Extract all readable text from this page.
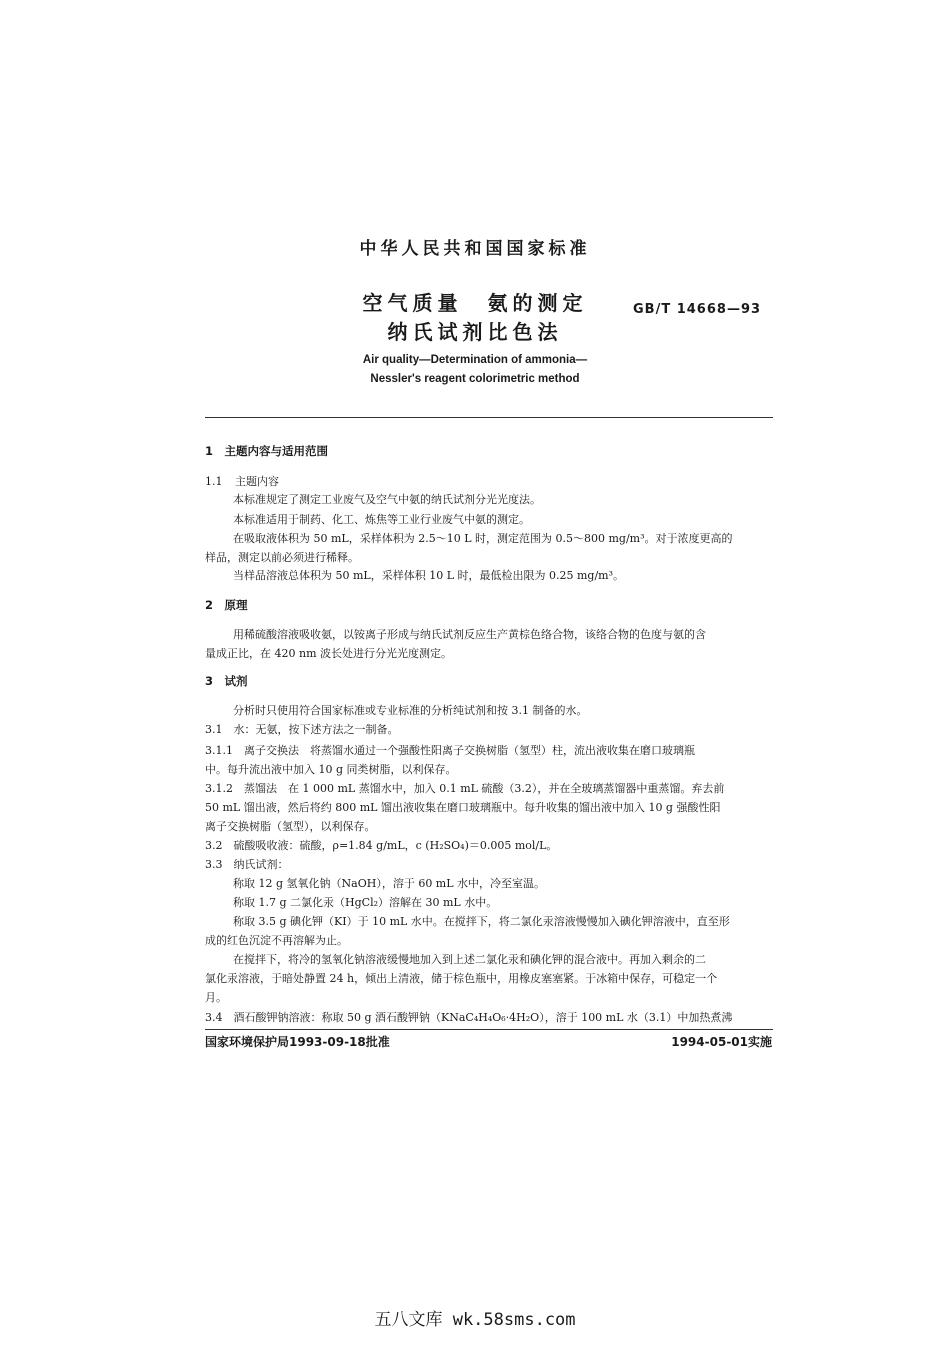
中华人民共和国国家标准
空气质量　氨的测定
纳氏试剂比色法
GB/T 14668—93
Air quality—Determination of ammonia—
Nessler's reagent colorimetric method
1　主题内容与适用范围
1.1 主题内容
本标准规定了测定工业废气及空气中氨的纳氏试剂分光光度法。
本标准适用于制药、化工、炼焦等工业行业废气中氨的测定。
在吸取液体积为 50 mL，采样体积为 2.5～10 L 时，测定范围为 0.5～800 mg/m³。对于浓度更高的
样品，测定以前必须进行稀释。
当样品溶液总体积为 50 mL，采样体积 10 L 时，最低检出限为 0.25 mg/m³。
2　原理
用稀硫酸溶液吸收氨，以铵离子形成与纳氏试剂反应生产黄棕色络合物，该络合物的色度与氨的含
量成正比，在 420 nm 波长处进行分光光度测定。
3　试剂
分析时只使用符合国家标准或专业标准的分析纯试剂和按 3.1 制备的水。
3.1　水：无氨，按下述方法之一制备。
3.1.1　离子交换法　将蒸馏水通过一个强酸性阳离子交换树脂（氢型）柱，流出液收集在磨口玻璃瓶
中。每升流出液中加入 10 g 同类树脂，以利保存。
3.1.2　蒸馏法　在 1 000 mL 蒸馏水中，加入 0.1 mL 硫酸（3.2），并在全玻璃蒸馏器中重蒸馏。弃去前
50 mL 馏出液，然后将约 800 mL 馏出液收集在磨口玻璃瓶中。每升收集的馏出液中加入 10 g 强酸性阳
离子交换树脂（氢型），以利保存。
3.2　硫酸吸收液：硫酸，ρ=1.84 g/mL，c (H₂SO₄)＝0.005 mol/L。
3.3　纳氏试剂：
称取 12 g 氢氧化钠（NaOH），溶于 60 mL 水中，冷至室温。
称取 1.7 g 二氯化汞（HgCl₂）溶解在 30 mL 水中。
称取 3.5 g 碘化钾（KI）于 10 mL 水中。在搅拌下，将二氯化汞溶液慢慢加入碘化钾溶液中，直至形
成的红色沉淀不再溶解为止。
在搅拌下，将冷的氢氧化钠溶液缓慢地加入到上述二氯化汞和碘化钾的混合液中。再加入剩余的二
氯化汞溶液，于暗处静置 24 h，倾出上清液，储于棕色瓶中，用橡皮塞塞紧。于冰箱中保存，可稳定一个
月。
3.4　酒石酸钾钠溶液：称取 50 g 酒石酸钾钠（KNaC₄H₄O₆·4H₂O），溶于 100 mL 水（3.1）中加热煮沸
国家环境保护局1993-09-18批准	1994-05-01实施
五八文库 wk.58sms.com
